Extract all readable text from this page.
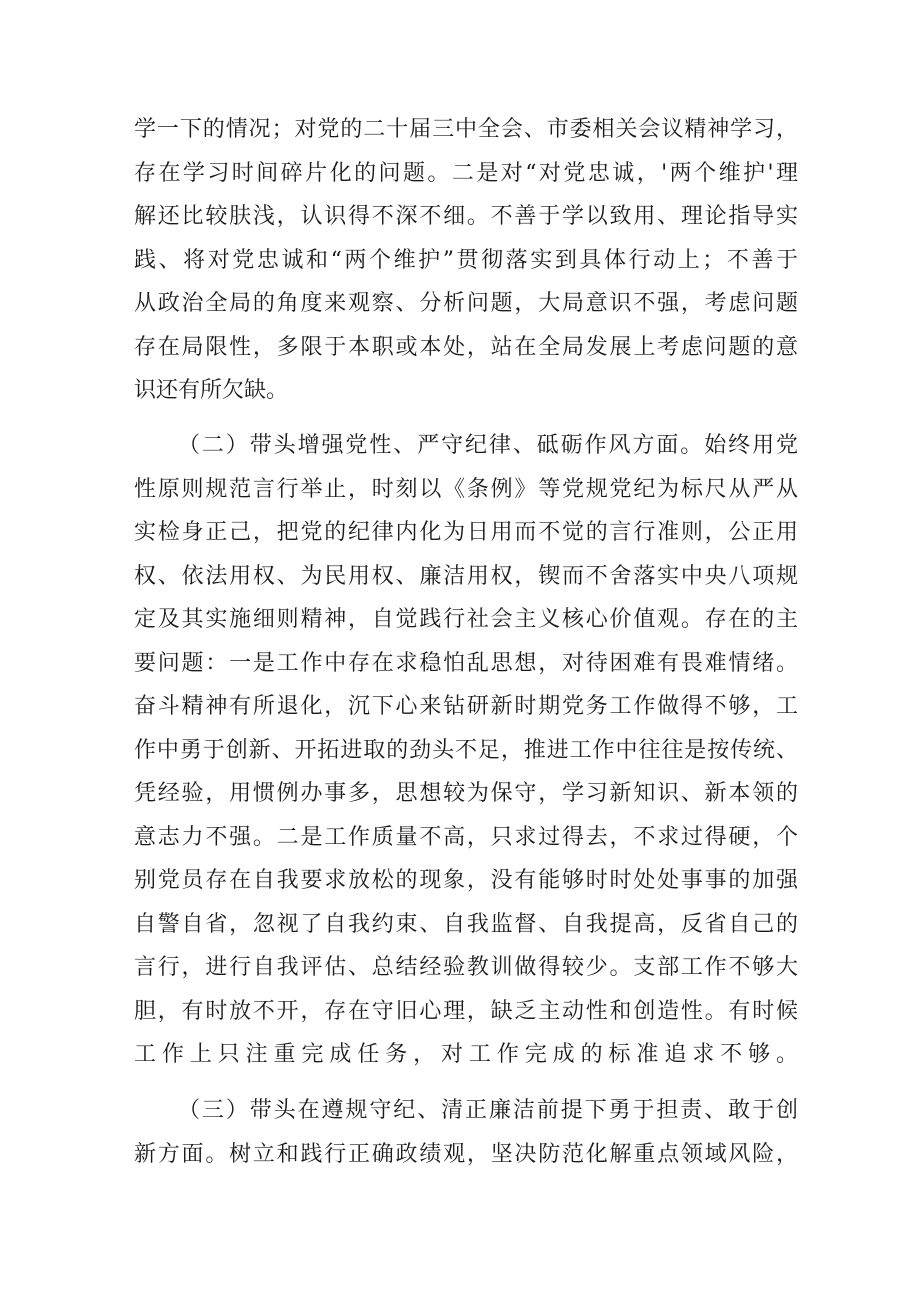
学一下的情况；对党的二十届三中全会、市委相关会议精神学习，
存在学习时间碎片化的问题。二是对“对党忠诚，'两个维护'理
解还比较肤浅，认识得不深不细。不善于学以致用、理论指导实
践、将对党忠诚和“两个维护”贯彻落实到具体行动上；不善于
从政治全局的角度来观察、分析问题，大局意识不强，考虑问题
存在局限性，多限于本职或本处，站在全局发展上考虑问题的意
识还有所欠缺。
（二）带头增强党性、严守纪律、砥砺作风方面。始终用党
性原则规范言行举止，时刻以《条例》等党规党纪为标尺从严从
实检身正己，把党的纪律内化为日用而不觉的言行准则，公正用
权、依法用权、为民用权、廉洁用权，锲而不舍落实中央八项规
定及其实施细则精神，自觉践行社会主义核心价值观。存在的主
要问题：一是工作中存在求稳怕乱思想，对待困难有畏难情绪。
奋斗精神有所退化，沉下心来钻研新时期党务工作做得不够，工
作中勇于创新、开拓进取的劲头不足，推进工作中往往是按传统、
凭经验，用惯例办事多，思想较为保守，学习新知识、新本领的
意志力不强。二是工作质量不高，只求过得去，不求过得硬，个
别党员存在自我要求放松的现象，没有能够时时处处事事的加强
自警自省，忽视了自我约束、自我监督、自我提高，反省自己的
言行，进行自我评估、总结经验教训做得较少。支部工作不够大
胆，有时放不开，存在守旧心理，缺乏主动性和创造性。有时候
工作上只注重完成任务，对工作完成的标准追求不够。
（三）带头在遵规守纪、清正廉洁前提下勇于担责、敢于创
新方面。树立和践行正确政绩观，坚决防范化解重点领域风险，
